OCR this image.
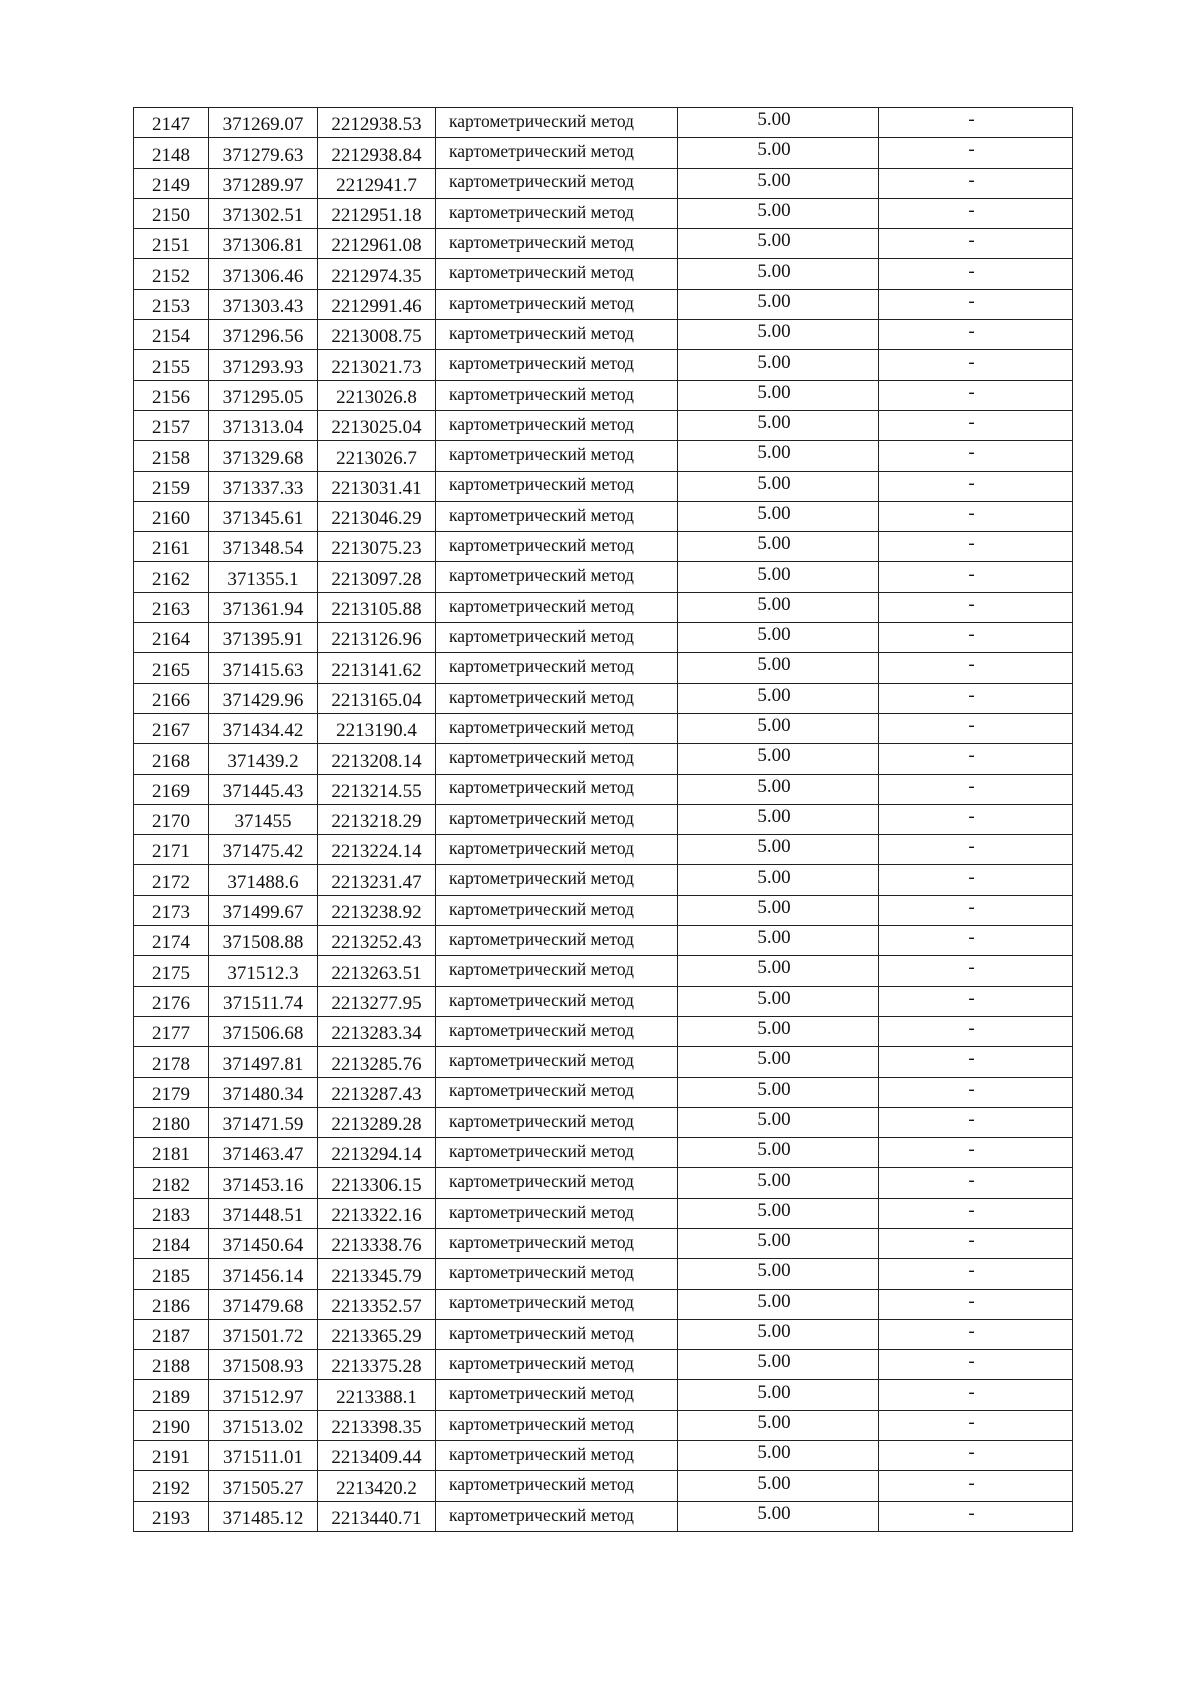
2147	371269.07	2212938.53	картометрический метод	5.00	-
2148	371279.63	2212938.84	картометрический метод	5.00	-
2149	371289.97	2212941.7	картометрический метод	5.00	-
2150	371302.51	2212951.18	картометрический метод	5.00	-
2151	371306.81	2212961.08	картометрический метод	5.00	-
2152	371306.46	2212974.35	картометрический метод	5.00	-
2153	371303.43	2212991.46	картометрический метод	5.00	-
2154	371296.56	2213008.75	картометрический метод	5.00	-
2155	371293.93	2213021.73	картометрический метод	5.00	-
2156	371295.05	2213026.8	картометрический метод	5.00	-
2157	371313.04	2213025.04	картометрический метод	5.00	-
2158	371329.68	2213026.7	картометрический метод	5.00	-
2159	371337.33	2213031.41	картометрический метод	5.00	-
2160	371345.61	2213046.29	картометрический метод	5.00	-
2161	371348.54	2213075.23	картометрический метод	5.00	-
2162	371355.1	2213097.28	картометрический метод	5.00	-
2163	371361.94	2213105.88	картометрический метод	5.00	-
2164	371395.91	2213126.96	картометрический метод	5.00	-
2165	371415.63	2213141.62	картометрический метод	5.00	-
2166	371429.96	2213165.04	картометрический метод	5.00	-
2167	371434.42	2213190.4	картометрический метод	5.00	-
2168	371439.2	2213208.14	картометрический метод	5.00	-
2169	371445.43	2213214.55	картометрический метод	5.00	-
2170	371455	2213218.29	картометрический метод	5.00	-
2171	371475.42	2213224.14	картометрический метод	5.00	-
2172	371488.6	2213231.47	картометрический метод	5.00	-
2173	371499.67	2213238.92	картометрический метод	5.00	-
2174	371508.88	2213252.43	картометрический метод	5.00	-
2175	371512.3	2213263.51	картометрический метод	5.00	-
2176	371511.74	2213277.95	картометрический метод	5.00	-
2177	371506.68	2213283.34	картометрический метод	5.00	-
2178	371497.81	2213285.76	картометрический метод	5.00	-
2179	371480.34	2213287.43	картометрический метод	5.00	-
2180	371471.59	2213289.28	картометрический метод	5.00	-
2181	371463.47	2213294.14	картометрический метод	5.00	-
2182	371453.16	2213306.15	картометрический метод	5.00	-
2183	371448.51	2213322.16	картометрический метод	5.00	-
2184	371450.64	2213338.76	картометрический метод	5.00	-
2185	371456.14	2213345.79	картометрический метод	5.00	-
2186	371479.68	2213352.57	картометрический метод	5.00	-
2187	371501.72	2213365.29	картометрический метод	5.00	-
2188	371508.93	2213375.28	картометрический метод	5.00	-
2189	371512.97	2213388.1	картометрический метод	5.00	-
2190	371513.02	2213398.35	картометрический метод	5.00	-
2191	371511.01	2213409.44	картометрический метод	5.00	-
2192	371505.27	2213420.2	картометрический метод	5.00	-
2193	371485.12	2213440.71	картометрический метод	5.00	-
